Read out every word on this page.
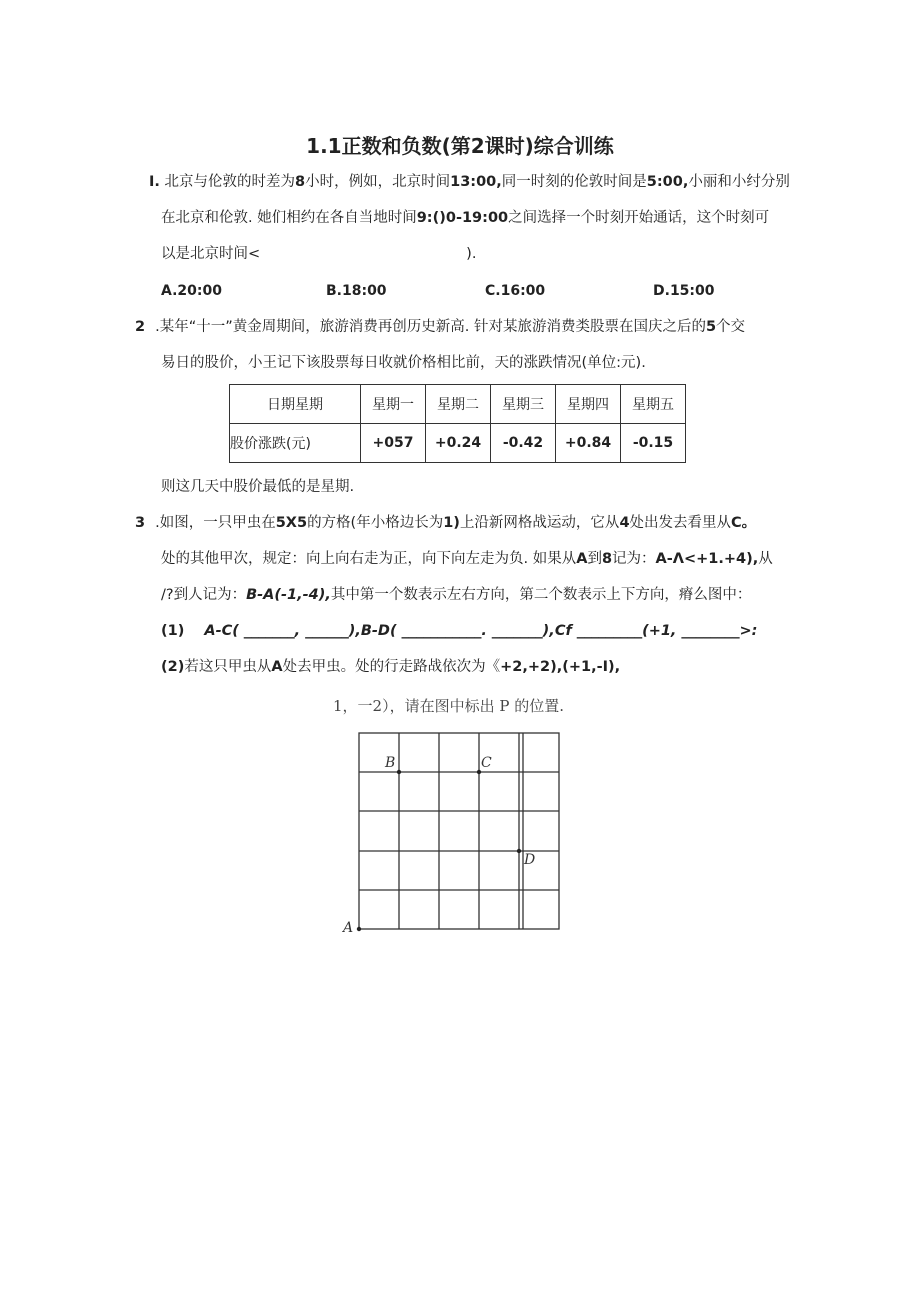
1.1正数和负数(第2课时)综合训练
I. 北京与伦敦的时差为8小时，例如，北京时间13:00,同一时刻的伦敦时间是5:00,小丽和小纣分别
在北京和伦敦. 她们相约在各自当地时间9:()0-19:00之间选择一个时刻开始通话，这个时刻可
以是北京时间<	).
A.20:00	B.18:00	C.16:00	D.15:00
2 .某年“十一”黄金周期间，旅游消费再创历史新高. 针对某旅游消费类股票在国庆之后的5个交
易日的股价，小王记下该股票每日收就价格相比前，天的涨跌情况(单位:元).
日期星期	星期一	星期二	星期三	星期四	星期五
股价涨跌(元)	+057	+0.24	-0.42	+0.84	-0.15
则这几天中股价最低的是星期.
3 .如图，一只甲虫在5X5的方格(年小格边长为1)上沿新网格战运动，它从4处出发去看里从C。
处的其他甲次，规定：向上向右走为正，向下向左走为负. 如果从A到8记为：A-Λ<+1.+4),从
/?到人记为：B-A(-1,-4),其中第一个数表示左右方向，第二个数表示上下方向，瘠么图中：
(1) A-C( _______, ______),B-D( ___________. _______),Cf _________(+1, ________>:
(2)若这只甲虫从A处去甲虫。处的行走路战依次为《+2,+2),(+1,-I),
1，一2），请在图中标出 P 的位置.
A
B	C
D
